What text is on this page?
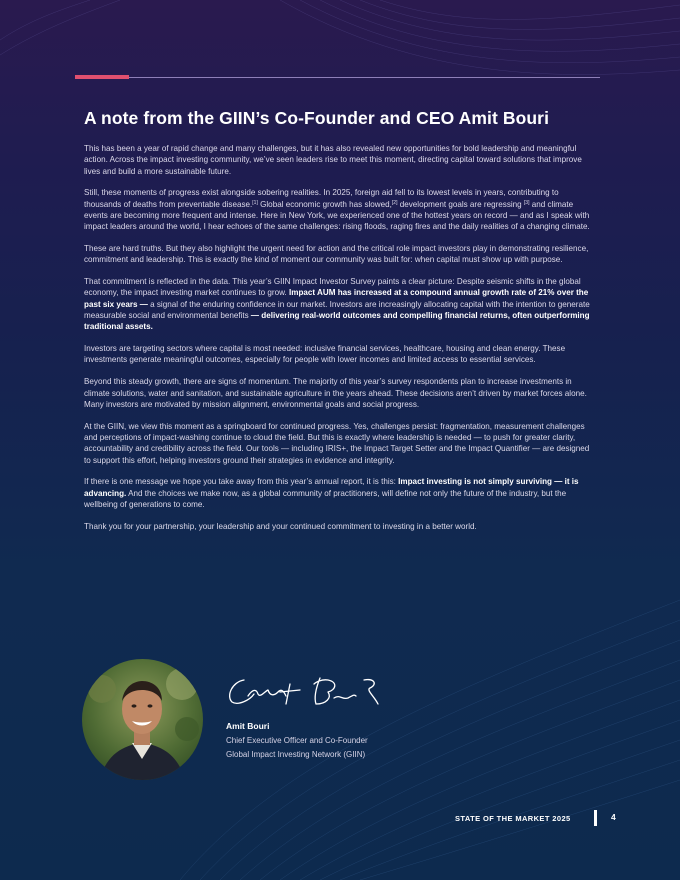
A note from the GIIN’s Co-Founder and CEO Amit Bouri

This has been a year of rapid change and many challenges, but it has also revealed new opportunities for bold leadership and meaningful action. Across the impact investing community, we’ve seen leaders rise to meet this moment, directing capital toward solutions that improve lives and build a more sustainable future.

Still, these moments of progress exist alongside sobering realities. In 2025, foreign aid fell to its lowest levels in years, contributing to thousands of deaths from preventable disease.[1] Global economic growth has slowed,[2] development goals are regressing [3] and climate events are becoming more frequent and intense. Here in New York, we experienced one of the hottest years on record — and as I speak with impact leaders around the world, I hear echoes of the same challenges: rising floods, raging fires and the daily realities of a changing climate.

These are hard truths. But they also highlight the urgent need for action and the critical role impact investors play in demonstrating resilience, commitment and leadership. This is exactly the kind of moment our community was built for: when capital must show up with purpose.

That commitment is reflected in the data. This year’s GIIN Impact Investor Survey paints a clear picture: Despite seismic shifts in the global economy, the impact investing market continues to grow. Impact AUM has increased at a compound annual growth rate of 21% over the past six years — a signal of the enduring confidence in our market. Investors are increasingly allocating capital with the intention to generate measurable social and environmental benefits — delivering real-world outcomes and compelling financial returns, often outperforming traditional assets.

Investors are targeting sectors where capital is most needed: inclusive financial services, healthcare, housing and clean energy. These investments generate meaningful outcomes, especially for people with lower incomes and limited access to essential services.

Beyond this steady growth, there are signs of momentum. The majority of this year’s survey respondents plan to increase investments in climate solutions, water and sanitation, and sustainable agriculture in the years ahead. These decisions aren’t driven by market forces alone. Many investors are motivated by mission alignment, environmental goals and social progress.

At the GIIN, we view this moment as a springboard for continued progress. Yes, challenges persist: fragmentation, measurement challenges and perceptions of impact-washing continue to cloud the field. But this is exactly where leadership is needed — to push for greater clarity, accountability and credibility across the field. Our tools — including IRIS+, the Impact Target Setter and the Impact Quantifier — are designed to support this effort, helping investors ground their strategies in evidence and integrity.

If there is one message we hope you take away from this year’s annual report, it is this: Impact investing is not simply surviving — it is advancing. And the choices we make now, as a global community of practitioners, will define not only the future of the industry, but the wellbeing of generations to come.

Thank you for your partnership, your leadership and your continued commitment to investing in a better world.

Amit Bouri
Chief Executive Officer and Co-Founder
Global Impact Investing Network (GIIN)
STATE OF THE MARKET 2025	4
